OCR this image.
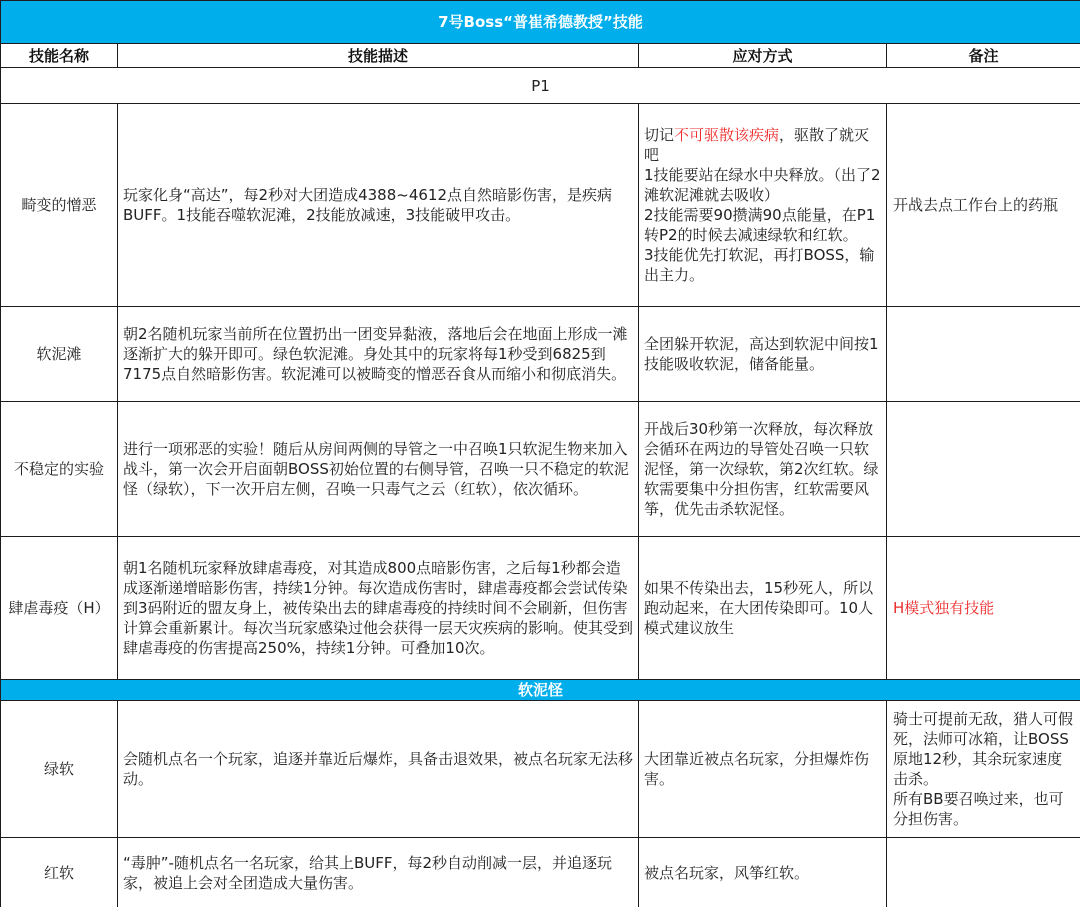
7号Boss“普崔希德教授”技能			
技能名称	技能描述	应对方式	备注
P1			
畸变的憎恶	玩家化身“高达”，每2秒对大团造成4388~4612点自然暗影伤害，是疾病BUFF。1技能吞噬软泥滩，2技能放减速，3技能破甲攻击。	切记不可驱散该疾病，驱散了就灭吧
1技能要站在绿水中央释放。（出了2滩软泥滩就去吸收）
2技能需要90攒满90点能量，在P1转P2的时候去减速绿软和红软。
3技能优先打软泥，再打BOSS，输出主力。	开战去点工作台上的药瓶
软泥滩	朝2名随机玩家当前所在位置扔出一团变异黏液，落地后会在地面上形成一滩逐渐扩大的躲开即可。绿色软泥滩。身处其中的玩家将每1秒受到6825到7175点自然暗影伤害。软泥滩可以被畸变的憎恶吞食从而缩小和彻底消失。	全团躲开软泥，高达到软泥中间按1技能吸收软泥，储备能量。	
不稳定的实验	进行一项邪恶的实验！随后从房间两侧的导管之一中召唤1只软泥生物来加入战斗，第一次会开启面朝BOSS初始位置的右侧导管，召唤一只不稳定的软泥怪（绿软），下一次开启左侧，召唤一只毒气之云（红软），依次循环。	开战后30秒第一次释放，每次释放会循环在两边的导管处召唤一只软泥怪，第一次绿软，第2次红软。绿软需要集中分担伤害，红软需要风筝，优先击杀软泥怪。	
肆虐毒疫（H）	朝1名随机玩家释放肆虐毒疫，对其造成800点暗影伤害，之后每1秒都会造成逐渐递增暗影伤害，持续1分钟。每次造成伤害时，肆虐毒疫都会尝试传染到3码附近的盟友身上，被传染出去的肆虐毒疫的持续时间不会刷新，但伤害计算会重新累计。每次当玩家感染过他会获得一层天灾疾病的影响。使其受到肆虐毒疫的伤害提高250%，持续1分钟。可叠加10次。	如果不传染出去，15秒死人，所以跑动起来，在大团传染即可。10人模式建议放生	H模式独有技能
软泥怪			
绿软	会随机点名一个玩家，追逐并靠近后爆炸，具备击退效果，被点名玩家无法移动。	大团靠近被点名玩家，分担爆炸伤害。	骑士可提前无敌，猎人可假死，法师可冰箱，让BOSS原地12秒，其余玩家速度击杀。
所有BB要召唤过来，也可分担伤害。

红软	“毒肿”-随机点名一名玩家，给其上BUFF，每2秒自动削减一层，并追逐玩家，被追上会对全团造成大量伤害。	被点名玩家，风筝红软。	
